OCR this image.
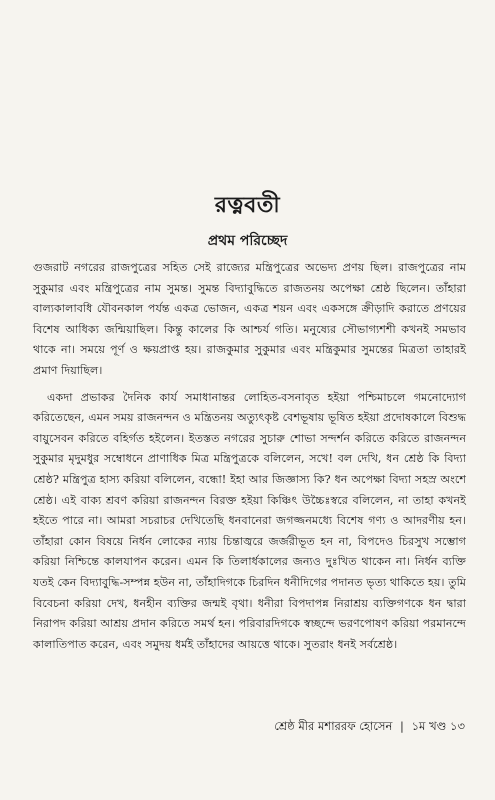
রত্নবতী
প্রথম পরিচ্ছেদ

গুজরাট নগরের রাজপুত্রের সহিত সেই রাজ্যের মন্ত্রিপুত্রের অভেদ্য প্রণয় ছিল। রাজপুত্রের নাম সুকুমার এবং মন্ত্রিপুত্রের নাম সুমন্ত। সুমন্ত বিদ্যাবুদ্ধিতে রাজতনয় অপেক্ষা শ্রেষ্ঠ ছিলেন। তাঁহারা বাল্যকালাবধি যৌবনকাল পর্যন্ত একত্র ভোজন, একত্র শয়ন এবং একসঙ্গে ক্রীড়াদি করাতে প্রণয়ের বিশেষ আধিক্য জন্মিয়াছিল। কিন্তু কালের কি আশ্চর্য গতি। মনুষ্যের সৌভাগ্যশশী কখনই সমভাব থাকে না। সময়ে পূর্ণ ও ক্ষয়প্রাপ্ত হয়। রাজকুমার সুকুমার এবং মন্ত্রিকুমার সুমন্তের মিত্রতা তাহারই প্রমাণ দিয়াছিল।

একদা প্রভাকর দৈনিক কার্য সমাধানান্তর লোহিত-বসনাবৃত হইয়া পশ্চিমাচলে গমনোদ্যোগ করিতেছেন, এমন সময় রাজনন্দন ও মন্ত্রিতনয় অত্যুৎকৃষ্ট বেশভূষায় ভূষিত হইয়া প্রদোষকালে বিশুদ্ধ বায়ুসেবন করিতে বহির্গত হইলেন। ইতস্তত নগরের সুচারু শোভা সন্দর্শন করিতে করিতে রাজনন্দন সুকুমার মৃদুমধুর সম্বোধনে প্রাণাধিক মিত্র মন্ত্রিপুত্রকে বলিলেন, সখে! বল দেখি, ধন শ্রেষ্ঠ কি বিদ্যা শ্রেষ্ঠ? মন্ত্রিপুত্র হাস্য করিয়া বলিলেন, বন্ধো! ইহা আর জিজ্ঞাস্য কি? ধন অপেক্ষা বিদ্যা সহস্র অংশে শ্রেষ্ঠ। এই বাক্য শ্রবণ করিয়া রাজনন্দন বিরক্ত হইয়া কিঞ্চিৎ উচ্চৈঃস্বরে বলিলেন, না তাহা কখনই হইতে পারে না। আমরা সচরাচর দেখিতেছি ধনবানেরা জগজ্জনমধ্যে বিশেষ গণ্য ও আদরণীয় হন। তাঁহারা কোন বিষয়ে নির্ধন লোকের ন্যায় চিন্তাজ্বরে জর্জরীভূত হন না, বিপদেও চিরসুখ সম্ভোগ করিয়া নিশ্চিন্তে কালযাপন করেন। এমন কি তিলার্ধকালের জন্যও দুঃখিত থাকেন না। নির্ধন ব্যক্তি যতই কেন বিদ্যাবুদ্ধি-সম্পন্ন হউন না, তাঁহাদিগকে চিরদিন ধনীদিগের পদানত ভৃত্য থাকিতে হয়। তুমি বিবেচনা করিয়া দেখ, ধনহীন ব্যক্তির জন্মই বৃথা। ধনীরা বিপদাপন্ন নিরাশ্রয় ব্যক্তিগণকে ধন দ্বারা নিরাপদ করিয়া আশ্রয় প্রদান করিতে সমর্থ হন। পরিবারদিগকে স্বচ্ছন্দে ভরণপোষণ করিয়া পরমানন্দে কালাতিপাত করেন, এবং সমুদয় ধর্মই তাঁহাদের আয়ত্তে থাকে। সুতরাং ধনই সর্বশ্রেষ্ঠ।

শ্রেষ্ঠ মীর মশাররফ হোসেন | ১ম খণ্ড ১৩
